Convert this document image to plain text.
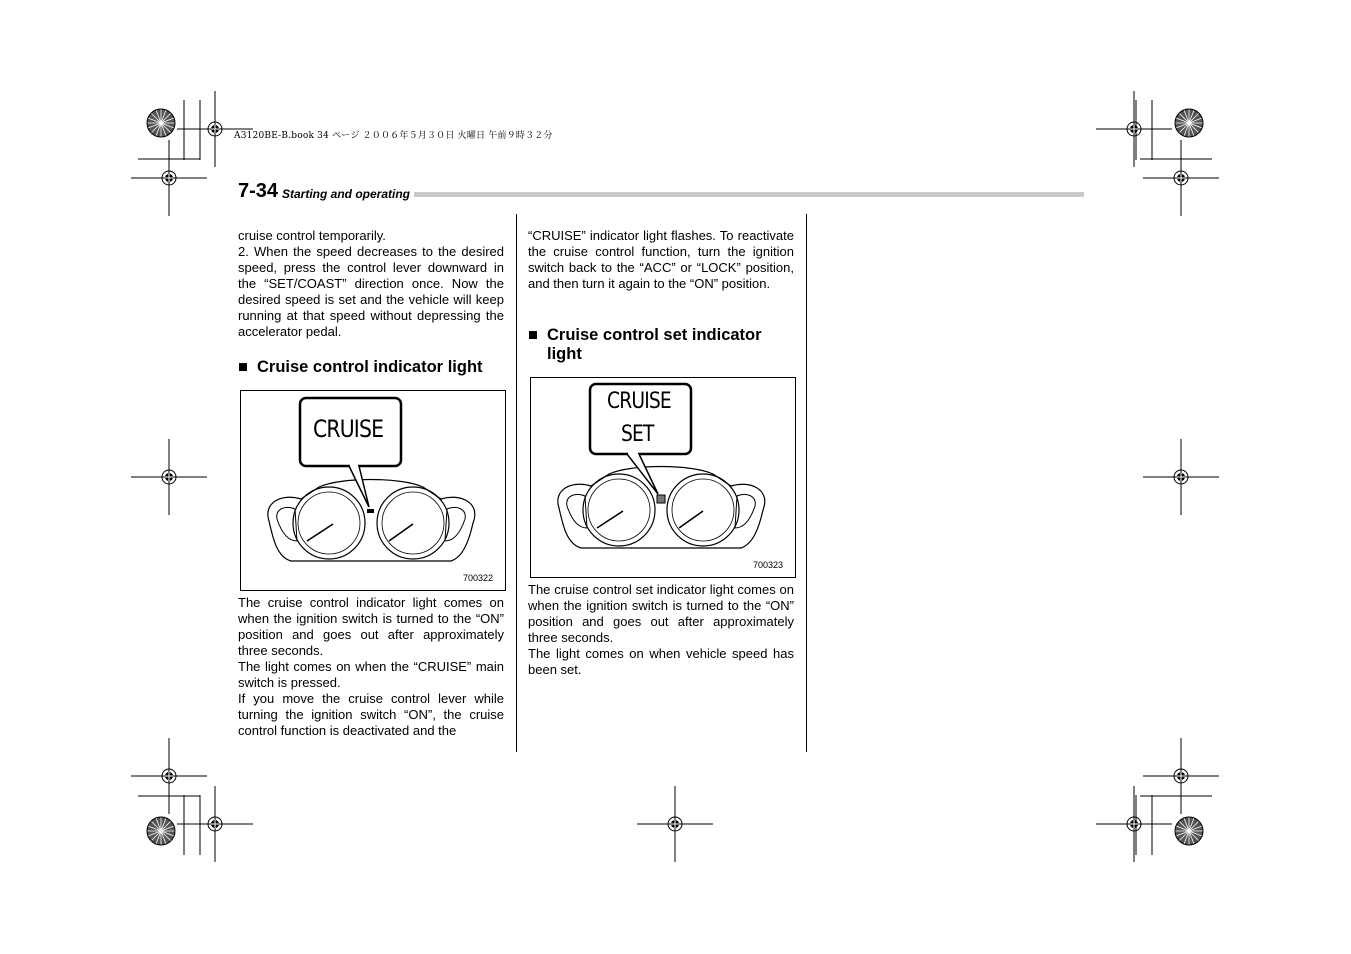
A3120BE-B.book 34 ページ ２００６年５月３０日 火曜日 午前９時３２分
7-34 Starting and operating

cruise control temporarily.

2. When the speed decreases to the desired speed, press the control lever downward in the “SET/COAST” direction once. Now the desired speed is set and the vehicle will keep running at that speed without depressing the accelerator pedal.

■ Cruise control indicator light
CRUISE
700322

The cruise control indicator light comes on when the ignition switch is turned to the “ON” position and goes out after approximately three seconds.

The light comes on when the “CRUISE” main switch is pressed.

If you move the cruise control lever while turning the ignition switch “ON”, the cruise control function is deactivated and the

“CRUISE” indicator light flashes. To reactivate the cruise control function, turn the ignition switch back to the “ACC” or “LOCK” position, and then turn it again to the “ON” position.

■ Cruise control set indicator light
CRUISE
SET
700323

The cruise control set indicator light comes on when the ignition switch is turned to the “ON” position and goes out after approximately three seconds.

The light comes on when vehicle speed has been set.
